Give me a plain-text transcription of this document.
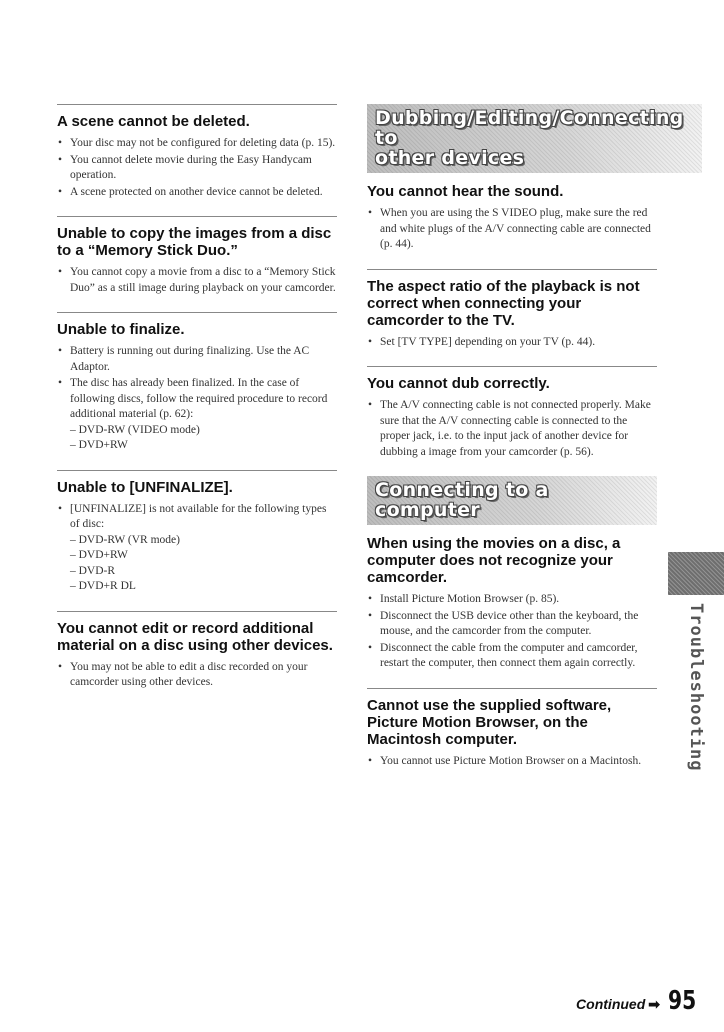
A scene cannot be deleted.
• Your disc may not be configured for deleting data (p. 15).
• You cannot delete movie during the Easy Handycam operation.
• A scene protected on another device cannot be deleted.
Unable to copy the images from a disc to a “Memory Stick Duo.”
• You cannot copy a movie from a disc to a “Memory Stick Duo” as a still image during playback on your camcorder.
Unable to finalize.
• Battery is running out during finalizing. Use the AC Adaptor.
• The disc has already been finalized. In the case of following discs, follow the required procedure to record additional material (p. 62):
– DVD-RW (VIDEO mode)
– DVD+RW
Unable to [UNFINALIZE].
• [UNFINALIZE] is not available for the following types of disc:
– DVD-RW (VR mode)
– DVD+RW
– DVD-R
– DVD+R DL
You cannot edit or record additional material on a disc using other devices.
• You may not be able to edit a disc recorded on your camcorder using other devices.
Dubbing/Editing/Connecting to
other devices
You cannot hear the sound.
• When you are using the S VIDEO plug, make sure the red and white plugs of the A/V connecting cable are connected (p. 44).
The aspect ratio of the playback is not correct when connecting your camcorder to the TV.
• Set [TV TYPE] depending on your TV (p. 44).
You cannot dub correctly.
• The A/V connecting cable is not connected properly. Make sure that the A/V connecting cable is connected to the proper jack, i.e. to the input jack of another device for dubbing a image from your camcorder (p. 56).
Connecting to a computer
When using the movies on a disc, a computer does not recognize your camcorder.
• Install Picture Motion Browser (p. 85).
• Disconnect the USB device other than the keyboard, the mouse, and the camcorder from the computer.
• Disconnect the cable from the computer and camcorder, restart the computer, then connect them again correctly.
Cannot use the supplied software, Picture Motion Browser, on the Macintosh computer.
• You cannot use Picture Motion Browser on a Macintosh.	Troubleshooting
Continued ➡ 95
